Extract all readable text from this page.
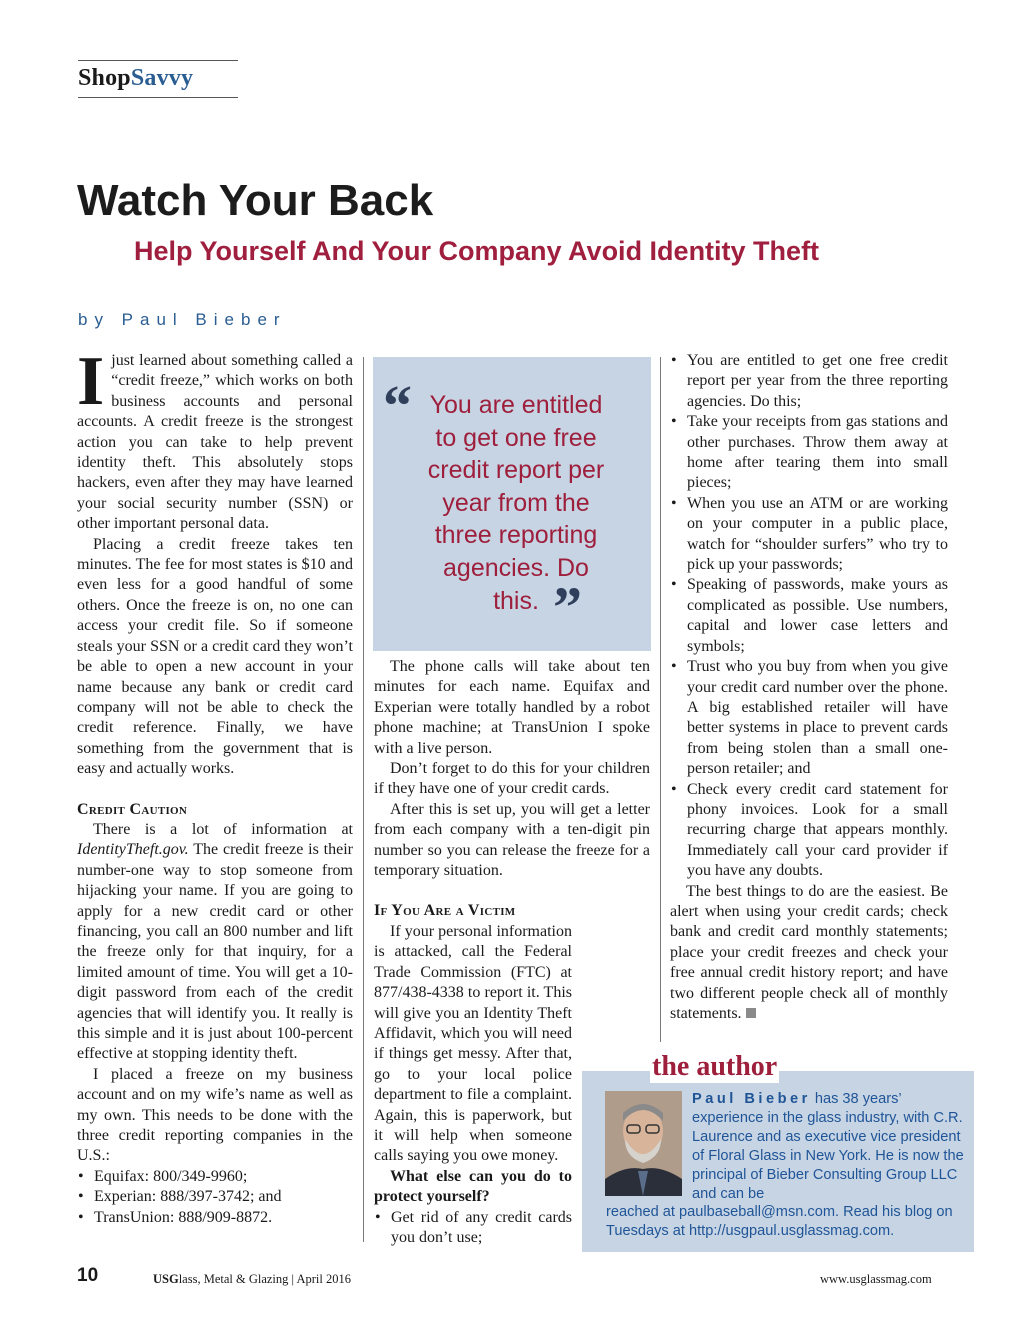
ShopSavvy
Watch Your Back
Help Yourself And Your Company Avoid Identity Theft
by Paul Bieber

Ijust learned about something called a “credit freeze,” which works on both business accounts and personal accounts. A credit freeze is the strongest action you can take to help prevent identity theft. This absolutely stops hackers, even after they may have learned your social security number (SSN) or other important personal data.

Placing a credit freeze takes ten minutes. The fee for most states is $10 and even less for a good handful of some others. Once the freeze is on, no one can access your credit file. So if someone steals your SSN or a credit card they won’t be able to open a new account in your name because any bank or credit card company will not be able to check the credit reference. Finally, we have something from the government that is easy and actually works.

Credit Caution

There is a lot of information at IdentityTheft.gov. The credit freeze is their number-one way to stop someone from hijacking your name. If you are going to apply for a new credit card or other financing, you call an 800 number and lift the freeze only for that inquiry, for a limited amount of time. You will get a 10-digit password from each of the credit agencies that will identify you. It really is this simple and it is just about 100-percent effective at stopping identity theft.

I placed a freeze on my business account and on my wife’s name as well as my own. This needs to be done with the three credit reporting companies in the U.S.:

• Equifax: 800/349-9960;
• Experian: 888/397-3742; and
• TransUnion: 888/909-8872.
“ You are entitled to get one free credit report per year from the three reporting agencies. Do this. ”

The phone calls will take about ten minutes for each name. Equifax and Experian were totally handled by a robot phone machine; at TransUnion I spoke with a live person.

Don’t forget to do this for your children if they have one of your credit cards.

After this is set up, you will get a letter from each company with a ten-digit pin number so you can release the freeze for a temporary situation.

If You Are a Victim

If your personal information is attacked, call the Federal Trade Commission (FTC) at 877/438-4338 to report it. This will give you an Identity Theft Affidavit, which you will need if things get messy. After that, go to your local police department to file a complaint. Again, this is paperwork, but it will help when someone calls saying you owe money.

What else can you do to protect yourself?

• Get rid of any credit cards you don’t use;
• You are entitled to get one free credit report per year from the three reporting agencies. Do this;
• Take your receipts from gas stations and other purchases. Throw them away at home after tearing them into small pieces;
• When you use an ATM or are working on your computer in a public place, watch for “shoulder surfers” who try to pick up your passwords;
• Speaking of passwords, make yours as complicated as possible. Use numbers, capital and lower case letters and symbols;
• Trust who you buy from when you give your credit card number over the phone. A big established retailer will have better systems in place to prevent cards from being stolen than a small one-person retailer; and
• Check every credit card statement for phony invoices. Look for a small recurring charge that appears monthly. Immediately call your card provider if you have any doubts.

The best things to do are the easiest. Be alert when using your credit cards; check bank and credit card monthly statements; place your credit freezes and check your free annual credit history report; and have two different people check all of monthly statements.

the author
Paul Bieber has 38 years’ experience in the glass industry, with C.R. Laurence and as executive vice president of Floral Glass in New York. He is now the principal of Bieber Consulting Group LLC and can be
reached at paulbaseball@msn.com. Read his blog on Tuesdays at http://usgpaul.usglassmag.com.
10	USGlass, Metal & Glazing | April 2016	www.usglassmag.com
